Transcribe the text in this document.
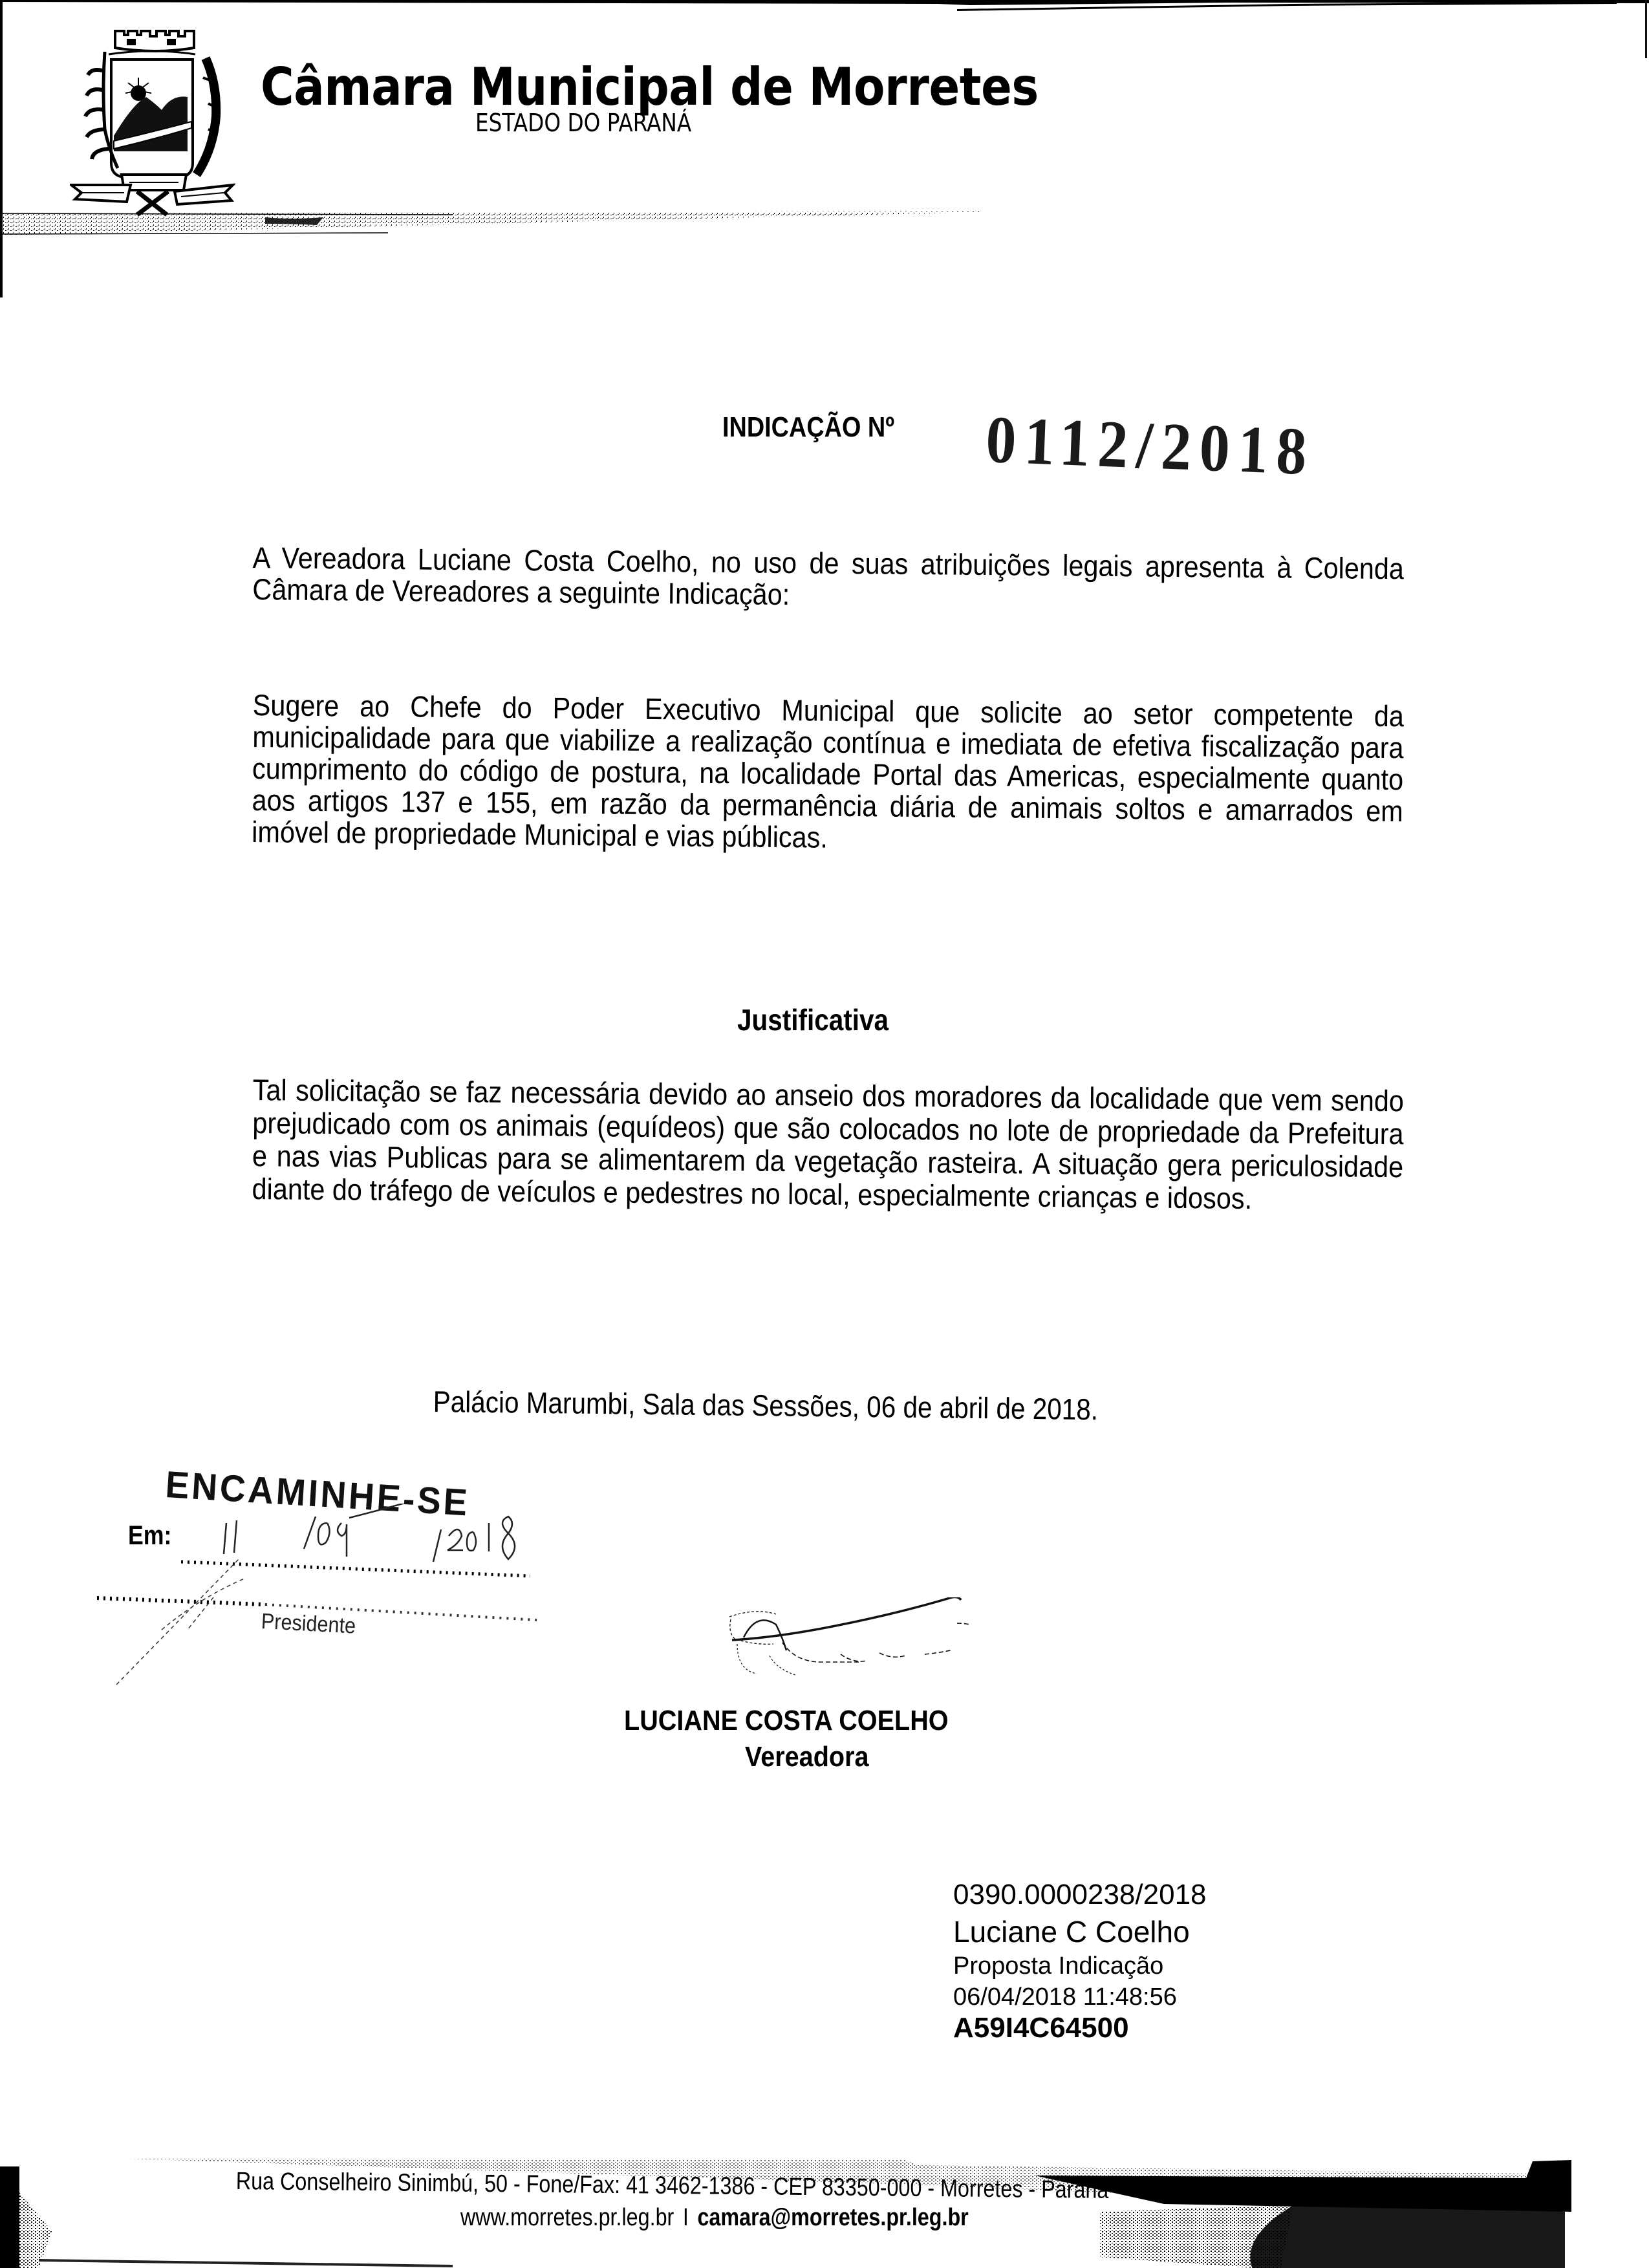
Câmara Municipal de Morretes
ESTADO DO PARANÁ
INDICAÇÃO Nº 0112/2018

A Vereadora Luciane Costa Coelho, no uso de suas atribuições legais apresenta à Colenda Câmara de Vereadores a seguinte Indicação:

Sugere ao Chefe do Poder Executivo Municipal que solicite ao setor competente da municipalidade para que viabilize a realização contínua e imediata de efetiva fiscalização para cumprimento do código de postura, na localidade Portal das Americas, especialmente quanto aos artigos 137 e 155, em razão da permanência diária de animais soltos e amarrados em imóvel de propriedade Municipal e vias públicas.

Justificativa

Tal solicitação se faz necessária devido ao anseio dos moradores da localidade que vem sendo prejudicado com os animais (equídeos) que são colocados no lote de propriedade da Prefeitura e nas vias Publicas para se alimentarem da vegetação rasteira. A situação gera periculosidade diante do tráfego de veículos e pedestres no local, especialmente crianças e idosos.

Palácio Marumbi, Sala das Sessões, 06 de abril de 2018.
ENCAMINHE-SE
Em:
Presidente
LUCIANE COSTA COELHO
Vereadora
0390.0000238/2018
Luciane C Coelho
Proposta Indicação
06/04/2018 11:48:56
A59I4C64500
Rua Conselheiro Sinimbú, 50 - Fone/Fax: 41 3462-1386 - CEP 83350-000 - Morretes - Paraná
www.morretes.pr.leg.br I camara@morretes.pr.leg.br
